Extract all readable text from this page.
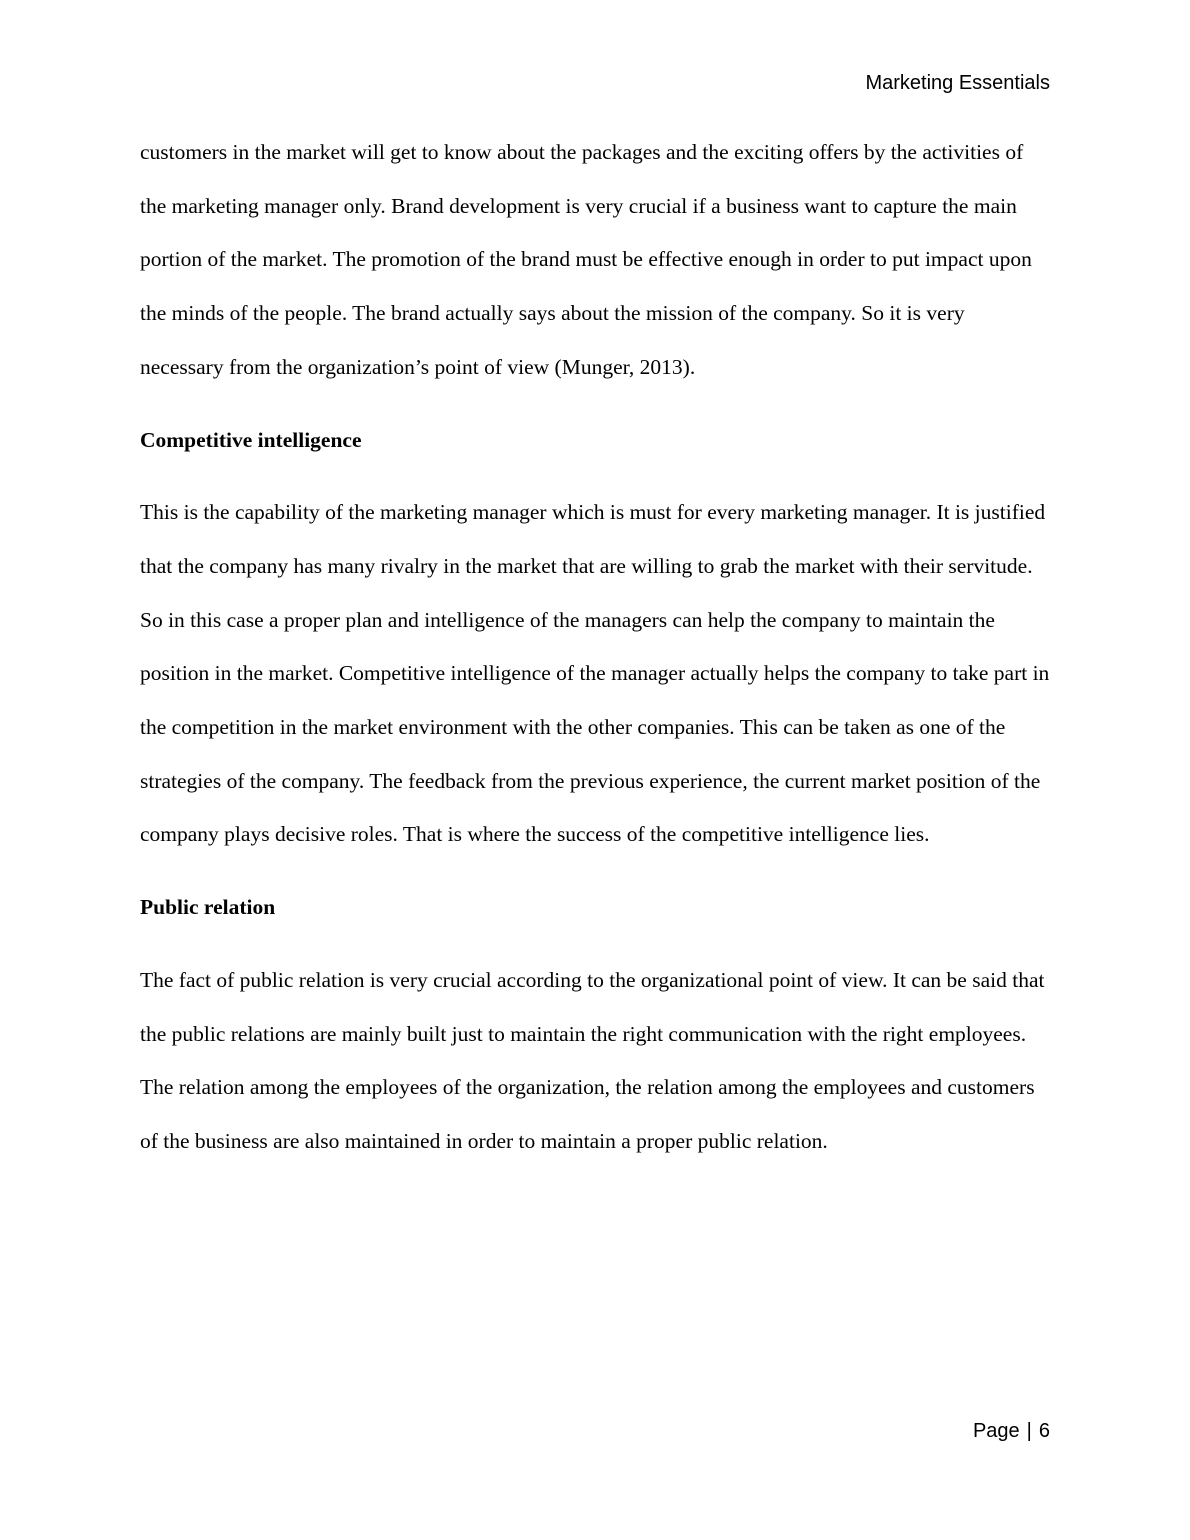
Marketing Essentials

customers in the market will get to know about the packages and the exciting offers by the activities of the marketing manager only. Brand development is very crucial if a business want to capture the main portion of the market. The promotion of the brand must be effective enough in order to put impact upon the minds of the people. The brand actually says about the mission of the company. So it is very necessary from the organization’s point of view (Munger, 2013).

Competitive intelligence

This is the capability of the marketing manager which is must for every marketing manager. It is justified that the company has many rivalry in the market that are willing to grab the market with their servitude. So in this case a proper plan and intelligence of the managers can help the company to maintain the position in the market. Competitive intelligence of the manager actually helps the company to take part in the competition in the market environment with the other companies. This can be taken as one of the strategies of the company. The feedback from the previous experience, the current market position of the company plays decisive roles. That is where the success of the competitive intelligence lies.

Public relation

The fact of public relation is very crucial according to the organizational point of view. It can be said that the public relations are mainly built just to maintain the right communication with the right employees. The relation among the employees of the organization, the relation among the employees and customers of the business are also maintained in order to maintain a proper public relation.

Page | 6
